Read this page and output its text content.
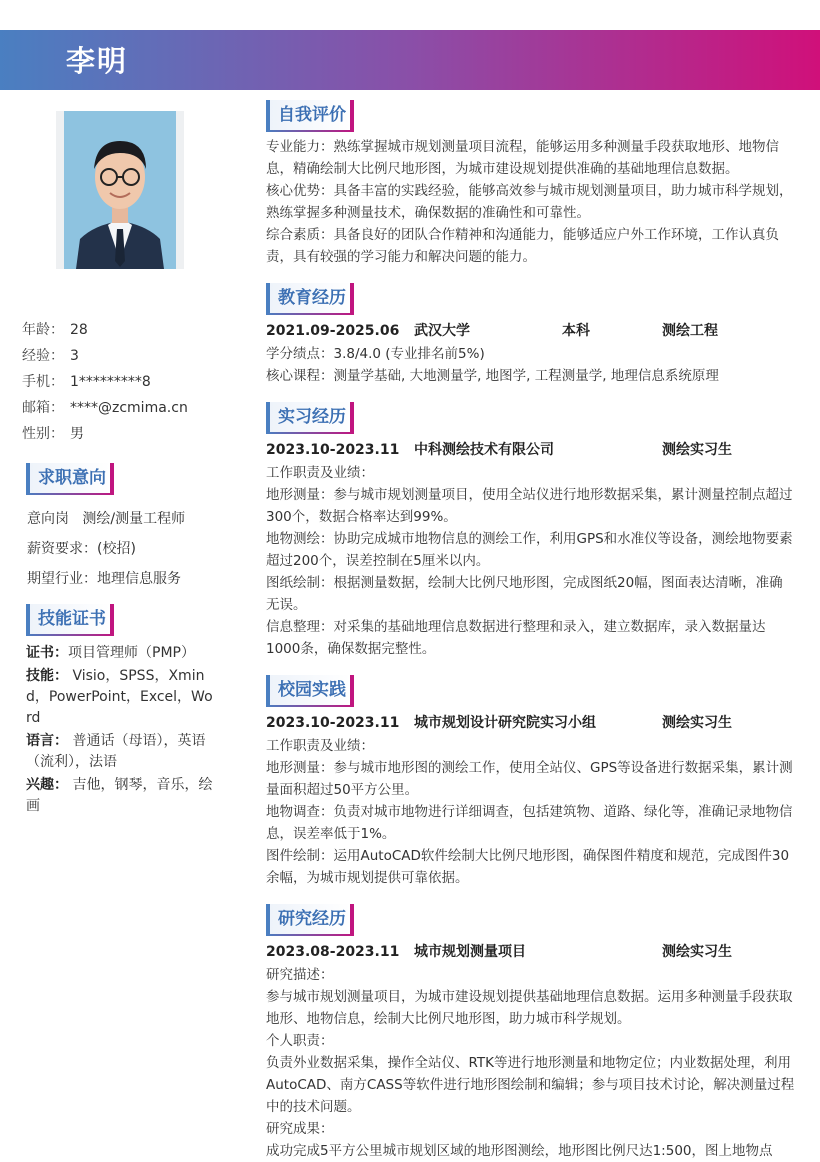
李明
年龄： 28
经验： 3
手机： 1*********8
邮箱： ****@zcmima.cn
性别： 男
求职意向
意向岗 测绘/测量工程师
薪资要求：(校招)
期望行业：地理信息服务
技能证书

证书：项目管理师（PMP）

技能： Visio，SPSS，Xmind，PowerPoint，Excel，Word

语言： 普通话（母语），英语（流利），法语

兴趣： 吉他，钢琴，音乐，绘画

自我评价

专业能力：熟练掌握城市规划测量项目流程，能够运用多种测量手段获取地形、地物信息，精确绘制大比例尺地形图，为城市建设规划提供准确的基础地理信息数据。

核心优势：具备丰富的实践经验，能够高效参与城市规划测量项目，助力城市科学规划，熟练掌握多种测量技术，确保数据的准确性和可靠性。

综合素质：具备良好的团队合作精神和沟通能力，能够适应户外工作环境，工作认真负责，具有较强的学习能力和解决问题的能力。

教育经历
2021.09-2025.06 武汉大学	本科	测绘工程

学分绩点：3.8/4.0 (专业排名前5%)

核心课程：测量学基础, 大地测量学, 地图学, 工程测量学, 地理信息系统原理

实习经历
2023.10-2023.11 中科测绘技术有限公司	测绘实习生

工作职责及业绩：

地形测量：参与城市规划测量项目，使用全站仪进行地形数据采集，累计测量控制点超过300个，数据合格率达到99%。

地物测绘：协助完成城市地物信息的测绘工作，利用GPS和水准仪等设备，测绘地物要素超过200个，误差控制在5厘米以内。

图纸绘制：根据测量数据，绘制大比例尺地形图，完成图纸20幅，图面表达清晰，准确无误。

信息整理：对采集的基础地理信息数据进行整理和录入，建立数据库，录入数据量达1000条，确保数据完整性。

校园实践
2023.10-2023.11 城市规划设计研究院实习小组	测绘实习生

工作职责及业绩：

地形测量：参与城市地形图的测绘工作，使用全站仪、GPS等设备进行数据采集，累计测量面积超过50平方公里。

地物调查：负责对城市地物进行详细调查，包括建筑物、道路、绿化等，准确记录地物信息，误差率低于1%。

图件绘制：运用AutoCAD软件绘制大比例尺地形图，确保图件精度和规范，完成图件30余幅，为城市规划提供可靠依据。

研究经历
2023.08-2023.11 城市规划测量项目	测绘实习生

研究描述：

参与城市规划测量项目，为城市建设规划提供基础地理信息数据。运用多种测量手段获取地形、地物信息，绘制大比例尺地形图，助力城市科学规划。

个人职责：

负责外业数据采集，操作全站仪、RTK等进行地形测量和地物定位；内业数据处理，利用AutoCAD、南方CASS等软件进行地形图绘制和编辑；参与项目技术讨论，解决测量过程中的技术问题。

研究成果：

成功完成5平方公里城市规划区域的地形图测绘，地形图比例尺达1:500，图上地物点
